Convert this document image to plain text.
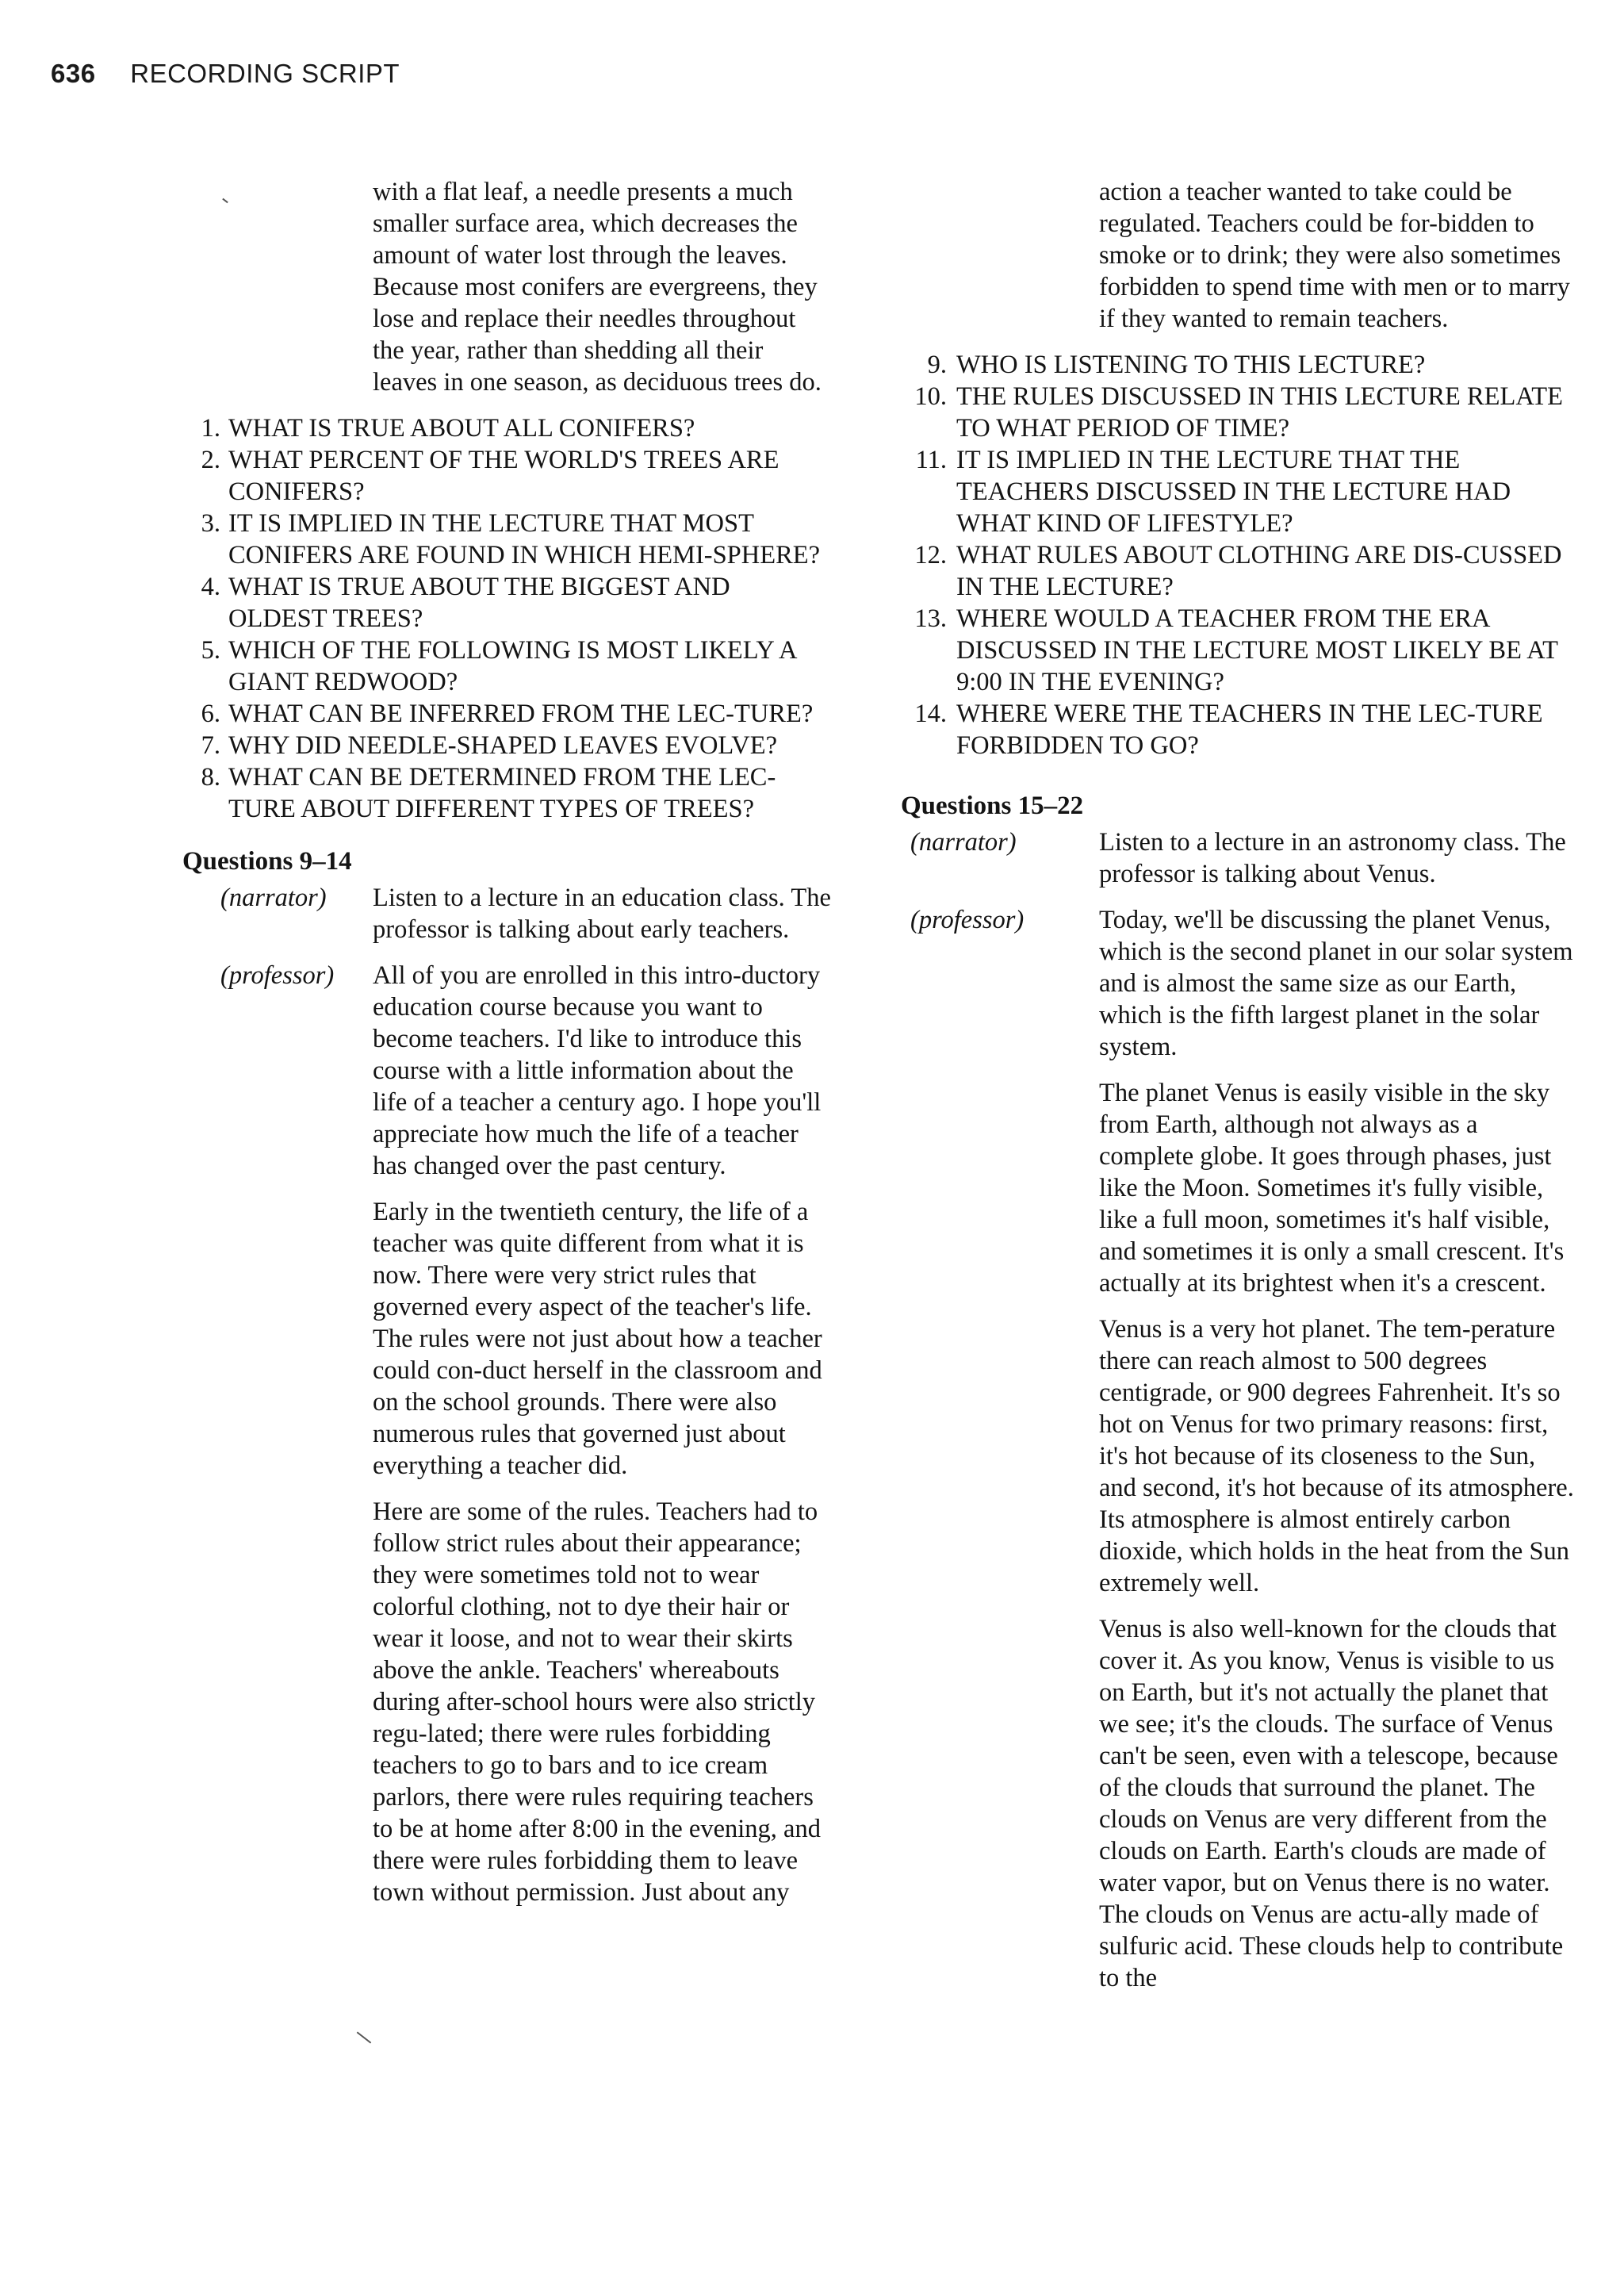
636 RECORDING SCRIPT

with a flat leaf, a needle presents a much smaller surface area, which decreases the amount of water lost through the leaves. Because most conifers are evergreens, they lose and replace their needles throughout the year, rather than shedding all their leaves in one season, as deciduous trees do.

1. WHAT IS TRUE ABOUT ALL CONIFERS?
2. WHAT PERCENT OF THE WORLD'S TREES ARE CONIFERS?
3. IT IS IMPLIED IN THE LECTURE THAT MOST CONIFERS ARE FOUND IN WHICH HEMI-SPHERE?
4. WHAT IS TRUE ABOUT THE BIGGEST AND OLDEST TREES?
5. WHICH OF THE FOLLOWING IS MOST LIKELY A GIANT REDWOOD?
6. WHAT CAN BE INFERRED FROM THE LEC-TURE?
7. WHY DID NEEDLE-SHAPED LEAVES EVOLVE?
8. WHAT CAN BE DETERMINED FROM THE LEC-TURE ABOUT DIFFERENT TYPES OF TREES?
Questions 9–14
(narrator)	Listen to a lecture in an education class. The professor is talking about early teachers.

(professor)	All of you are enrolled in this intro-ductory education course because you want to become teachers. I'd like to introduce this course with a little information about the life of a teacher a century ago. I hope you'll appreciate how much the life of a teacher has changed over the past century.

Early in the twentieth century, the life of a teacher was quite different from what it is now. There were very strict rules that governed every aspect of the teacher's life. The rules were not just about how a teacher could con-duct herself in the classroom and on the school grounds. There were also numerous rules that governed just about everything a teacher did.

Here are some of the rules. Teachers had to follow strict rules about their appearance; they were sometimes told not to wear colorful clothing, not to dye their hair or wear it loose, and not to wear their skirts above the ankle. Teachers' whereabouts during after-school hours were also strictly regu-lated; there were rules forbidding teachers to go to bars and to ice cream parlors, there were rules requiring teachers to be at home after 8:00 in the evening, and there were rules forbidding them to leave town without permission. Just about any

action a teacher wanted to take could be regulated. Teachers could be for-bidden to smoke or to drink; they were also sometimes forbidden to spend time with men or to marry if they wanted to remain teachers.

9. WHO IS LISTENING TO THIS LECTURE?
10. THE RULES DISCUSSED IN THIS LECTURE RELATE TO WHAT PERIOD OF TIME?
11. IT IS IMPLIED IN THE LECTURE THAT THE TEACHERS DISCUSSED IN THE LECTURE HAD WHAT KIND OF LIFESTYLE?
12. WHAT RULES ABOUT CLOTHING ARE DIS-CUSSED IN THE LECTURE?
13. WHERE WOULD A TEACHER FROM THE ERA DISCUSSED IN THE LECTURE MOST LIKELY BE AT 9:00 IN THE EVENING?
14. WHERE WERE THE TEACHERS IN THE LEC-TURE FORBIDDEN TO GO?
Questions 15–22
(narrator)	Listen to a lecture in an astronomy class. The professor is talking about Venus.

(professor)	Today, we'll be discussing the planet Venus, which is the second planet in our solar system and is almost the same size as our Earth, which is the fifth largest planet in the solar system.

The planet Venus is easily visible in the sky from Earth, although not always as a complete globe. It goes through phases, just like the Moon. Sometimes it's fully visible, like a full moon, sometimes it's half visible, and sometimes it is only a small crescent. It's actually at its brightest when it's a crescent.

Venus is a very hot planet. The tem-perature there can reach almost to 500 degrees centigrade, or 900 degrees Fahrenheit. It's so hot on Venus for two primary reasons: first, it's hot because of its closeness to the Sun, and second, it's hot because of its atmosphere. Its atmosphere is almost entirely carbon dioxide, which holds in the heat from the Sun extremely well.

Venus is also well-known for the clouds that cover it. As you know, Venus is visible to us on Earth, but it's not actually the planet that we see; it's the clouds. The surface of Venus can't be seen, even with a telescope, because of the clouds that surround the planet. The clouds on Venus are very different from the clouds on Earth. Earth's clouds are made of water vapor, but on Venus there is no water. The clouds on Venus are actu-ally made of sulfuric acid. These clouds help to contribute to the
